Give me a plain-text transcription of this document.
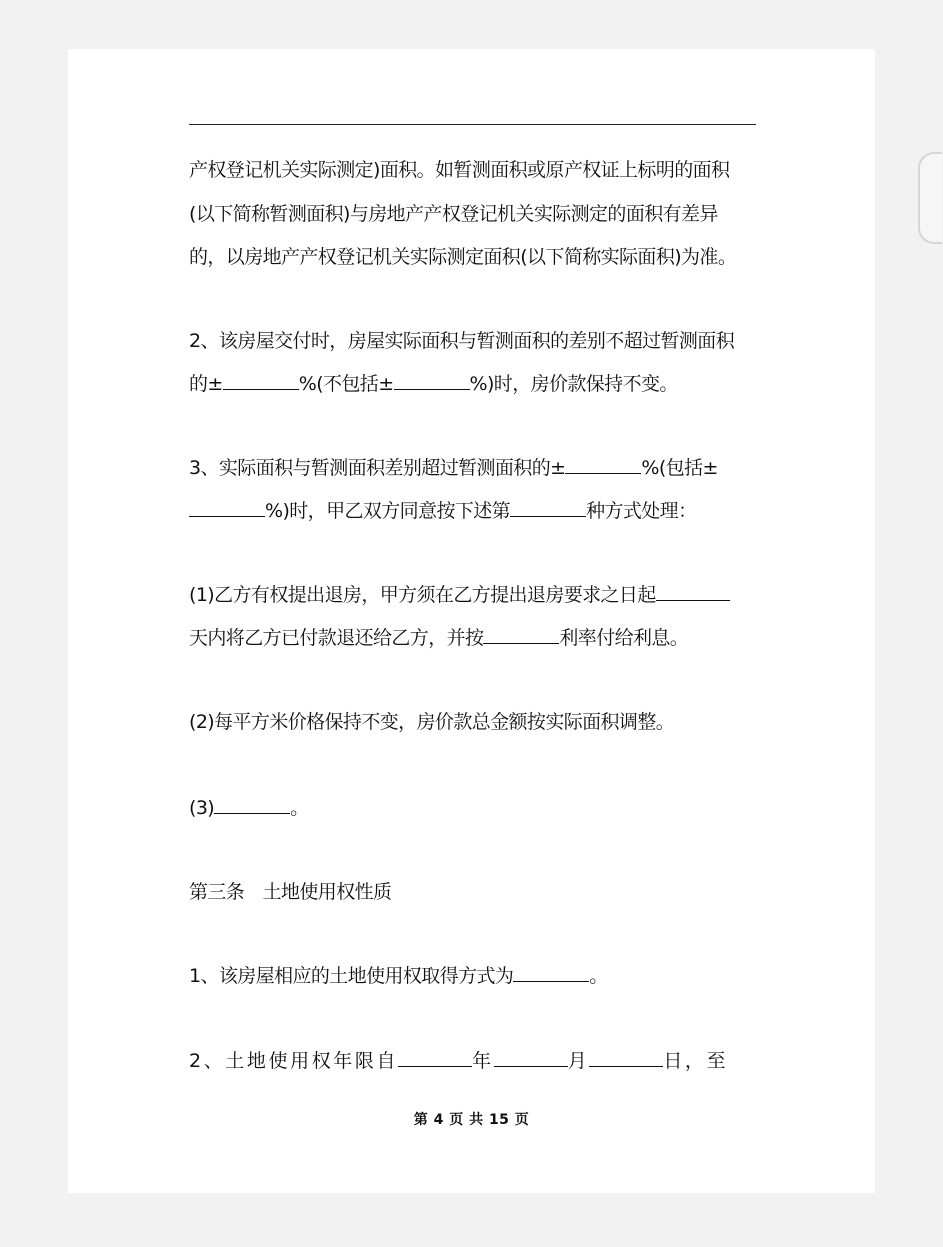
产权登记机关实际测定)面积。如暂测面积或原产权证上标明的面积
(以下简称暂测面积)与房地产产权登记机关实际测定的面积有差异
的，以房地产产权登记机关实际测定面积(以下简称实际面积)为准。
2、该房屋交付时，房屋实际面积与暂测面积的差别不超过暂测面积
的±	%(不包括±	%)时，房价款保持不变。
3、实际面积与暂测面积差别超过暂测面积的±	%(包括±
%)时，甲乙双方同意按下述第	种方式处理：
(1)乙方有权提出退房，甲方须在乙方提出退房要求之日起
天内将乙方已付款退还给乙方，并按	利率付给利息。
(2)每平方米价格保持不变，房价款总金额按实际面积调整。
(3)	。
第三条　土地使用权性质
1、该房屋相应的土地使用权取得方式为	。
2、土地使用权年限自	年	月	日，至
第 4 页 共 15 页
